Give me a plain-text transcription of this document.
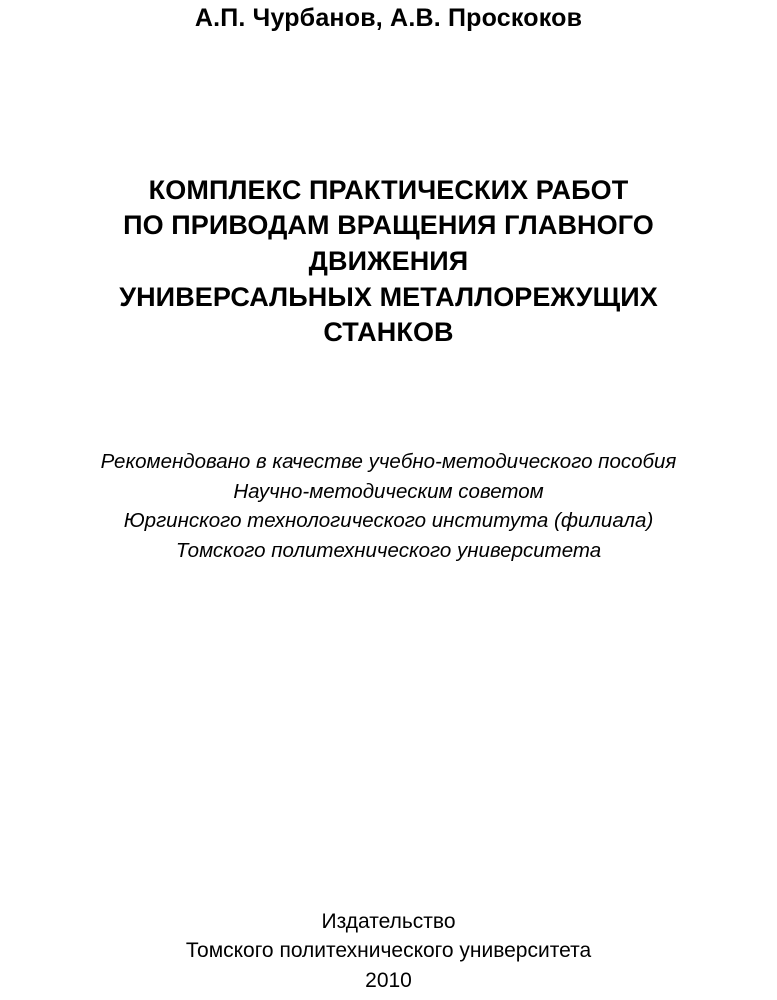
А.П. Чурбанов, А.В. Проскоков
КОМПЛЕКС ПРАКТИЧЕСКИХ РАБОТ
ПО ПРИВОДАМ ВРАЩЕНИЯ ГЛАВНОГО
ДВИЖЕНИЯ
УНИВЕРСАЛЬНЫХ МЕТАЛЛОРЕЖУЩИХ
СТАНКОВ
Рекомендовано в качестве учебно-методического пособия
Научно-методическим советом
Юргинского технологического института (филиала)
Томского политехнического университета
Издательство
Томского политехнического университета
2010
